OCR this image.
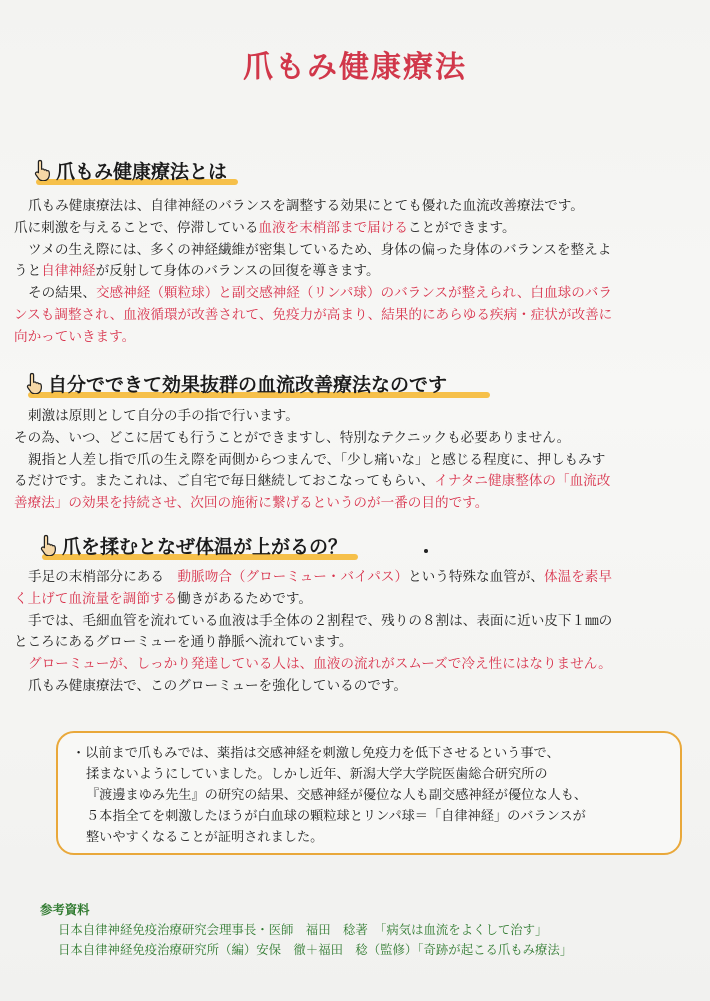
爪もみ健康療法
爪もみ健康療法とは

爪もみ健康療法は、自律神経のバランスを調整する効果にとても優れた血流改善療法です。

爪に刺激を与えることで、停滞している血液を末梢部まで届けることができます。

ツメの生え際には、多くの神経繊維が密集しているため、身体の偏った身体のバランスを整えよ

うと自律神経が反射して身体のバランスの回復を導きます。

その結果、交感神経（顆粒球）と副交感神経（リンパ球）のバランスが整えられ、白血球のバラ

ンスも調整され、血液循環が改善されて、免疫力が高まり、結果的にあらゆる疾病・症状が改善に

向かっていきます。

自分でできて効果抜群の血流改善療法なのです

刺激は原則として自分の手の指で行います。

その為、いつ、どこに居ても行うことができますし、特別なテクニックも必要ありません。

親指と人差し指で爪の生え際を両側からつまんで、「少し痛いな」と感じる程度に、押しもみす

るだけです。またこれは、ご自宅で毎日継続しておこなってもらい、イナタニ健康整体の「血流改

善療法」の効果を持続させ、次回の施術に繋げるというのが一番の目的です。

爪を揉むとなぜ体温が上がるの？

手足の末梢部分にある　動脈吻合（グローミュー・バイパス）という特殊な血管が、体温を素早

く上げて血流量を調節する働きがあるためです。

手では、毛細血管を流れている血液は手全体の２割程で、残りの８割は、表面に近い皮下１㎜の

ところにあるグローミューを通り静脈へ流れています。

グローミューが、しっかり発達している人は、血液の流れがスムーズで冷え性にはなりません。

爪もみ健康療法で、このグローミューを強化しているのです。

・以前まで爪もみでは、薬指は交感神経を刺激し免疫力を低下させるという事で、

揉まないようにしていました。しかし近年、新潟大学大学院医歯総合研究所の

『渡邊まゆみ先生』の研究の結果、交感神経が優位な人も副交感神経が優位な人も、

５本指全てを刺激したほうが白血球の顆粒球とリンパ球＝「自律神経」のバランスが

整いやすくなることが証明されました。

参考資料
日本自律神経免疫治療研究会理事長・医師　福田　稔著　「病気は血流をよくして治す」
日本自律神経免疫治療研究所（編）安保　徹＋福田　稔（監修）「奇跡が起こる爪もみ療法」
